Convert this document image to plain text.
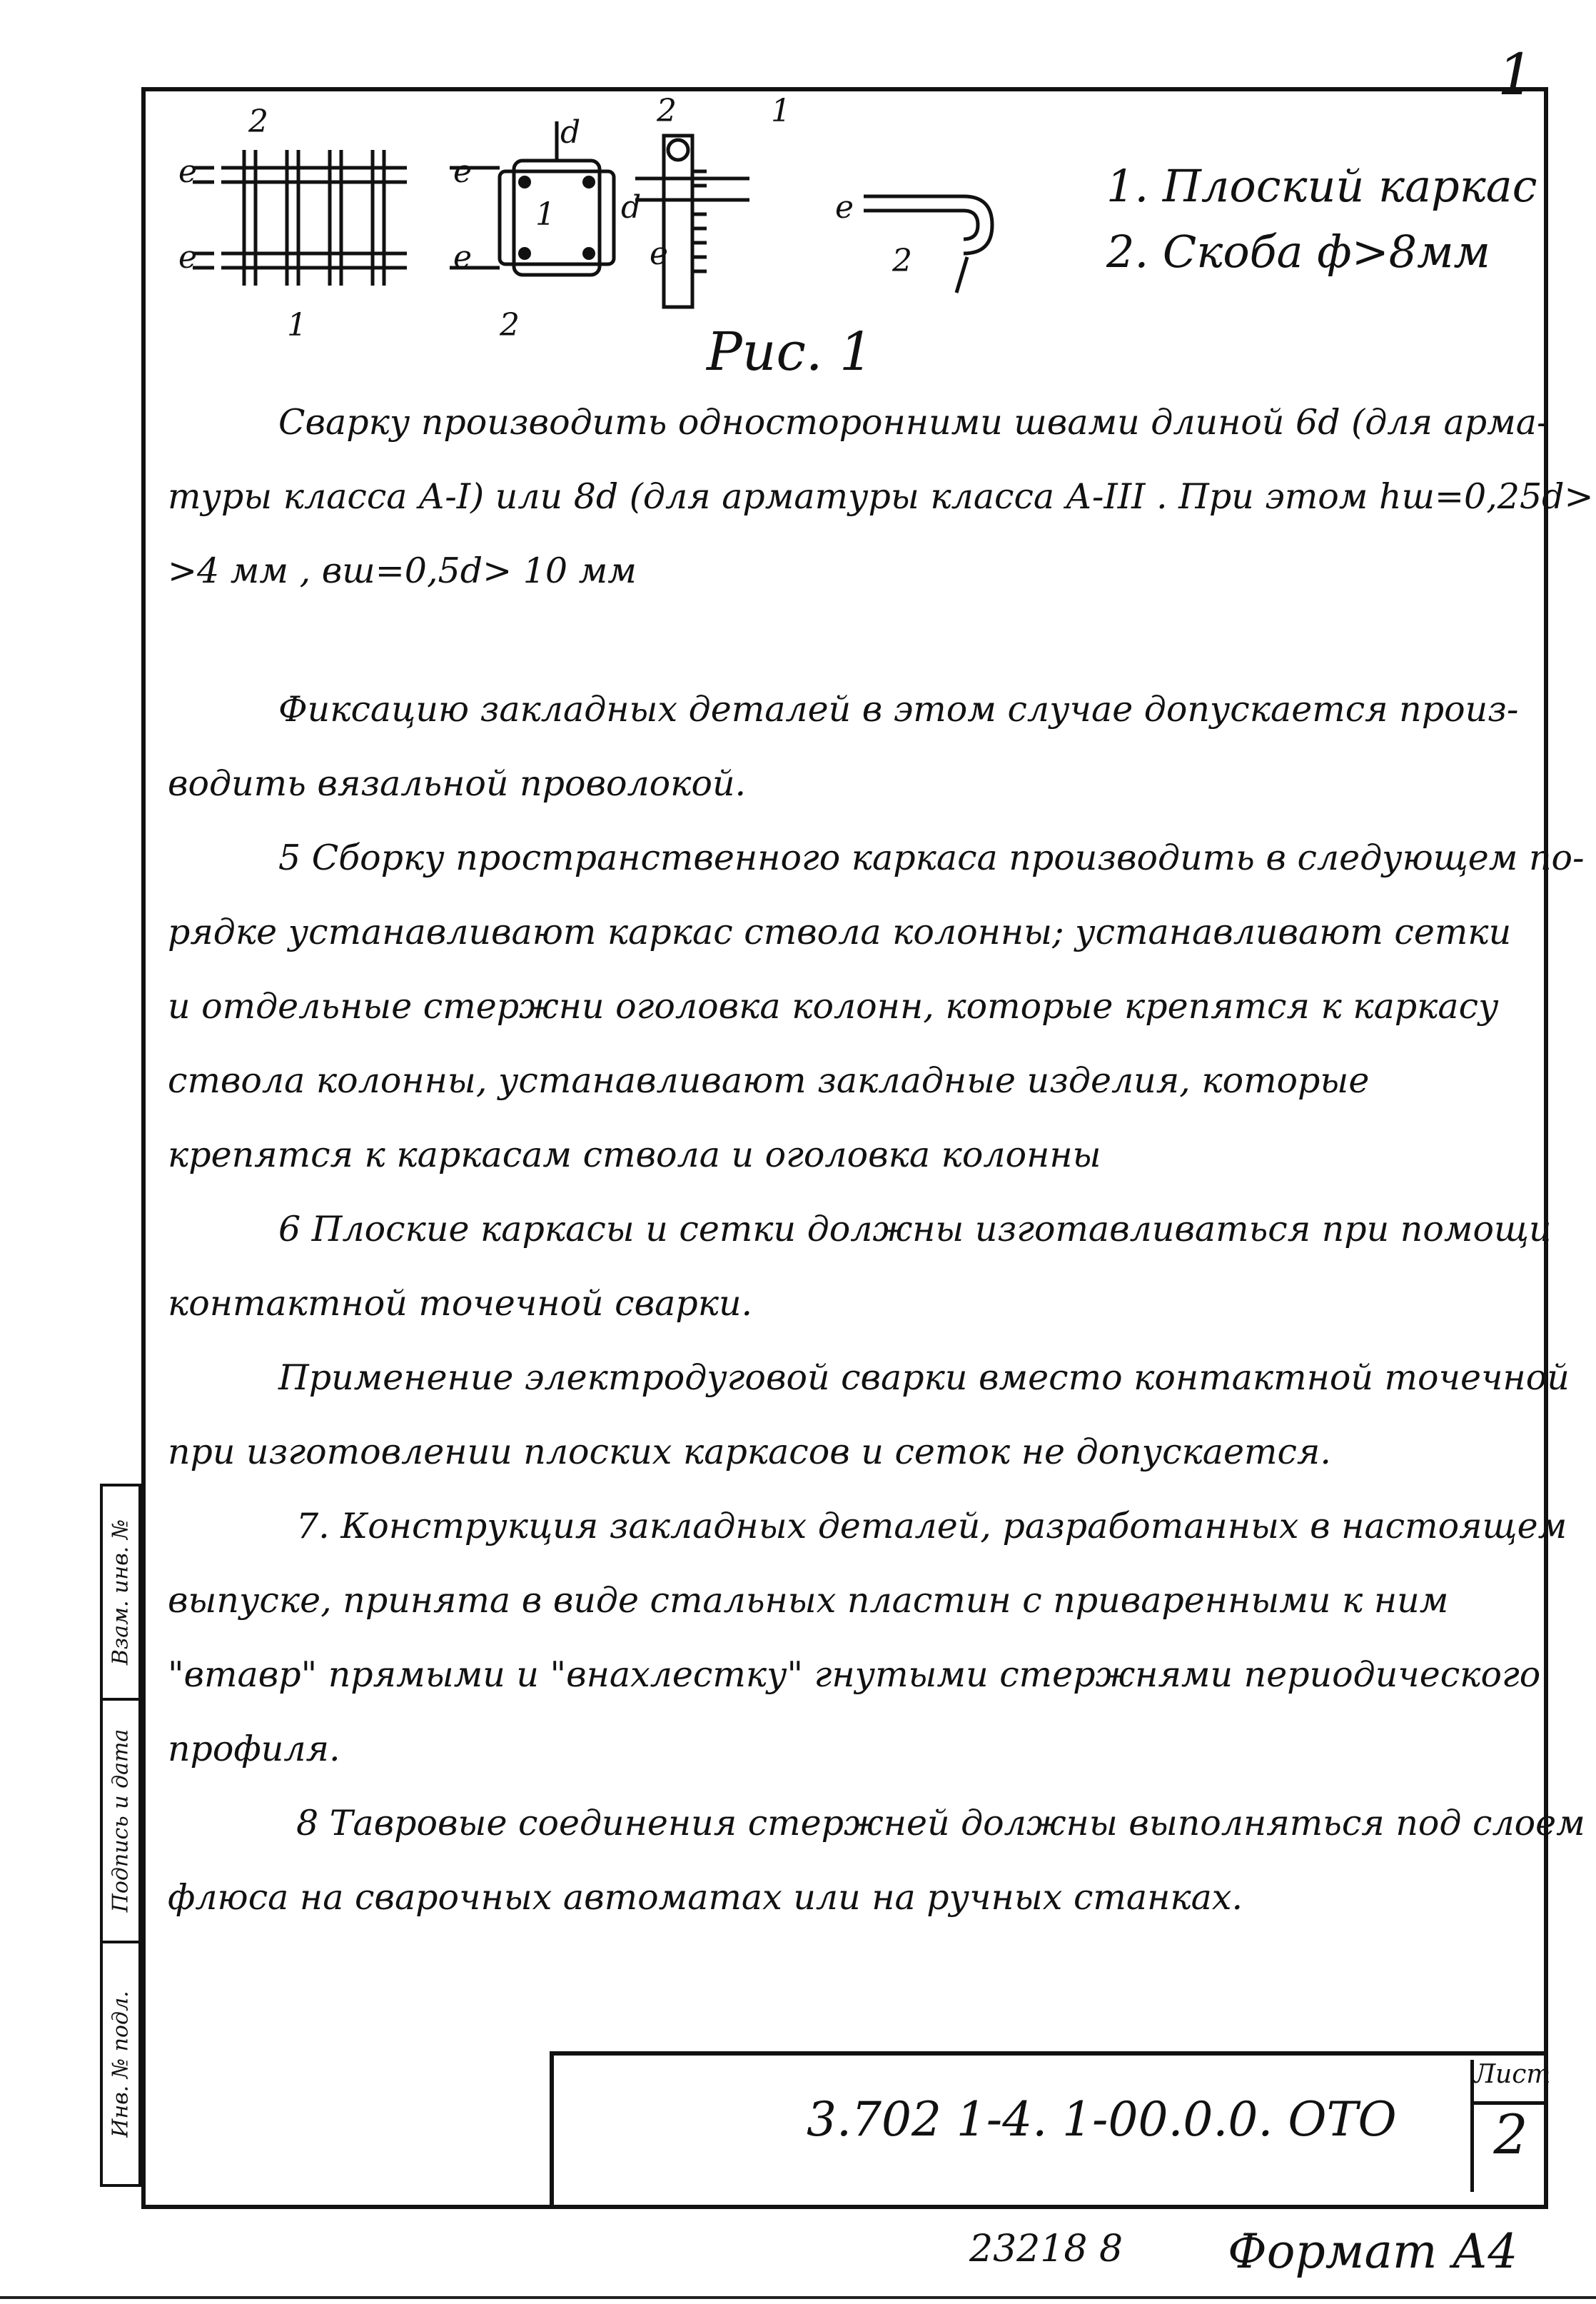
1
2
1	2
1
d
d
е
е
е
е
2	1
е
е
2
1. Плоский каркас
2. Скоба ф>8мм
Рис. 1
Сварку производить односторонними швами длиной 6d (для арма-
туры класса А-I) или 8d (для арматуры класса А-III . При этом hш=0,25d>
>4 мм , вш=0,5d> 10 мм
Фиксацию закладных деталей в этом случае допускается произ-
водить вязальной проволокой.
5 Сборку пространственного каркаса производить в следующем по-
рядке устанавливают каркас ствола колонны; устанавливают сетки
и отдельные стержни оголовка колонн, которые крепятся к каркасу
ствола колонны, устанавливают закладные изделия, которые
крепятся к каркасам ствола и оголовка колонны
6 Плоские каркасы и сетки должны изготавливаться при помощи
контактной точечной сварки.
Применение электродуговой сварки вместо контактной точечной
при изготовлении плоских каркасов и сеток не допускается.
7. Конструкция закладных деталей, разработанных в настоящем
выпуске, принята в виде стальных пластин с приваренными к ним
"втавр" прямыми и "внахлестку" гнутыми стержнями периодического
профиля.
8 Тавровые соединения стержней должны выполняться под слоем
флюса на сварочных автоматах или на ручных станках.
Взам. инв. №
Подпись и дата
Инв. № подл.	3.702 1-4. 1-00.0.0. ОТО
Лист
2
23218 8 Формат А4
